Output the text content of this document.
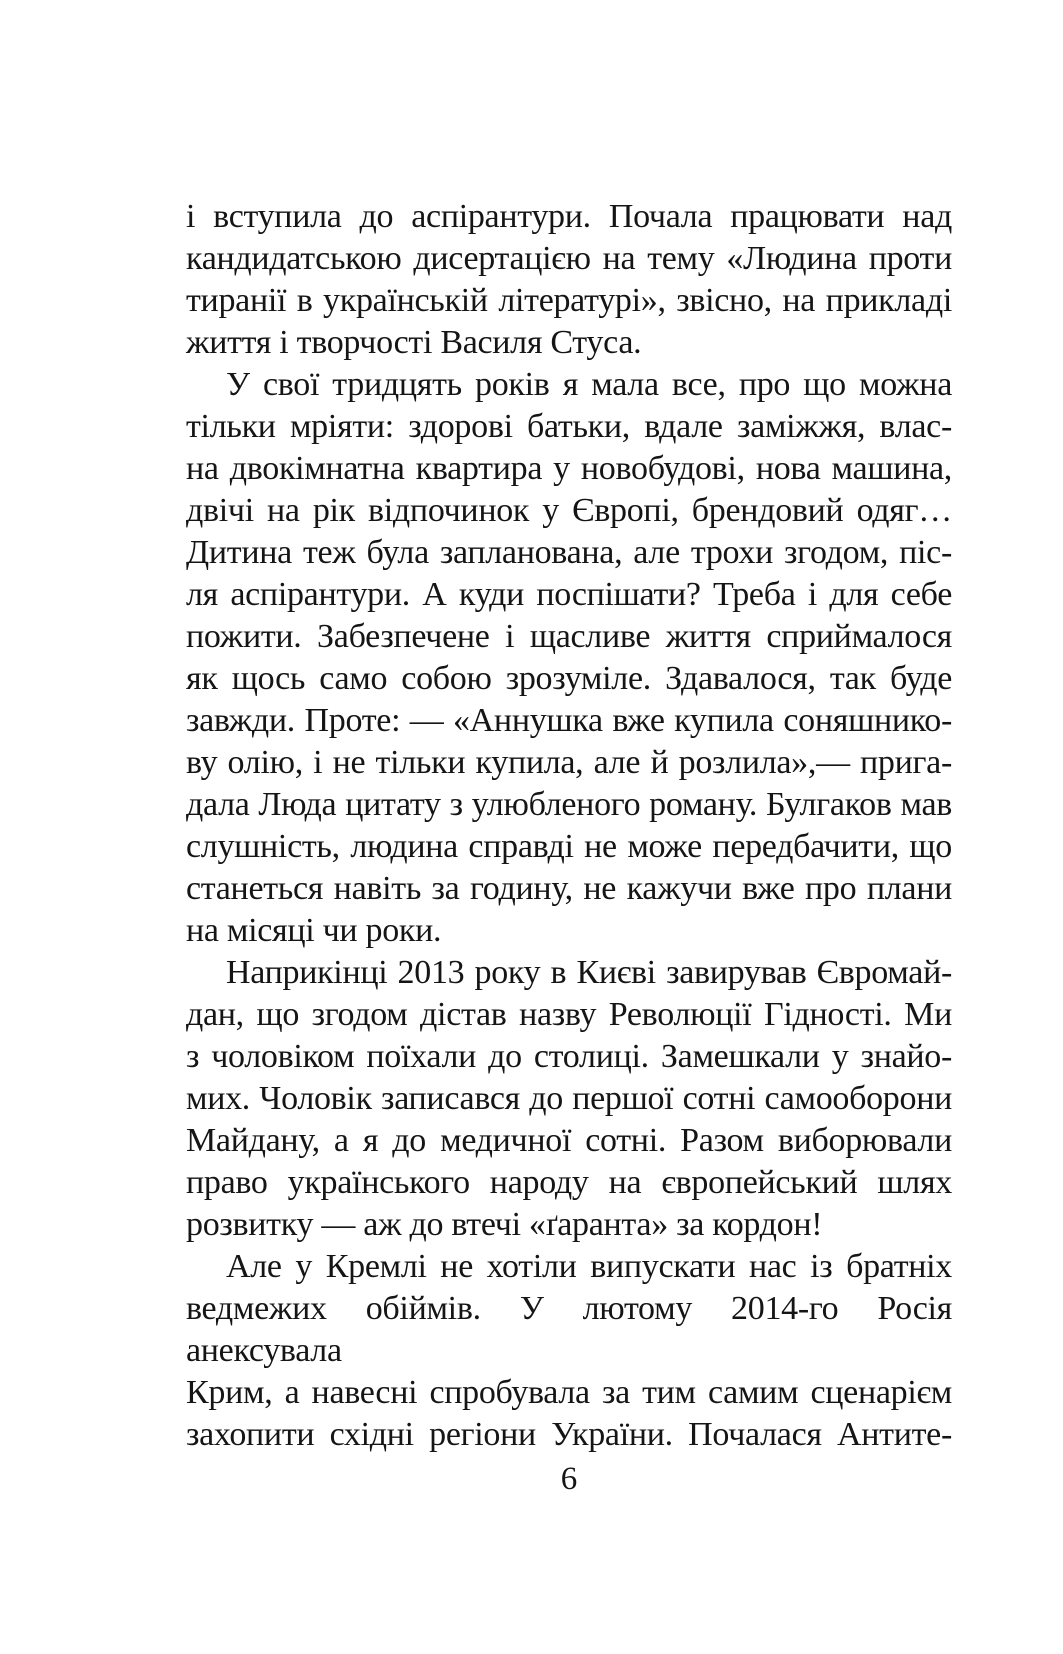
і вступила до аспірантури. Почала працювати над
кандидатською дисертацією на тему «Людина проти
тиранії в українській літературі», звісно, на прикладі
життя і творчості Василя Стуса.
У свої тридцять років я мала все, про що можна
тільки мріяти: здорові батьки, вдале заміжжя, влас-
на двокімнатна квартира у новобудові, нова машина,
двічі на рік відпочинок у Європі, брендовий одяг…
Дитина теж була запланована, але трохи згодом, піс-
ля аспірантури. А куди поспішати? Треба і для себе
пожити. Забезпечене і щасливе життя сприймалося
як щось само собою зрозуміле. Здавалося, так буде
завжди. Проте: — «Аннушка вже купила соняшнико-
ву олію, і не тільки купила, але й розлила»,— прига-
дала Люда цитату з улюбленого роману. Булгаков мав
слушність, людина справді не може передбачити, що
станеться навіть за годину, не кажучи вже про плани
на місяці чи роки.
Наприкінці 2013 року в Києві завирував Євромай-
дан, що згодом дістав назву Революції Гідності. Ми
з чоловіком поїхали до столиці. Замешкали у знайо-
мих. Чоловік записався до першої сотні самооборони
Майдану, а я до медичної сотні. Разом виборювали
право українського народу на європейський шлях
розвитку — аж до втечі «ґаранта» за кордон!
Але у Кремлі не хотіли випускати нас із братніх
ведмежих обіймів. У лютому 2014-го Росія анексувала
Крим, а навесні спробувала за тим самим сценарієм
захопити східні регіони України. Почалася Антите-
6
